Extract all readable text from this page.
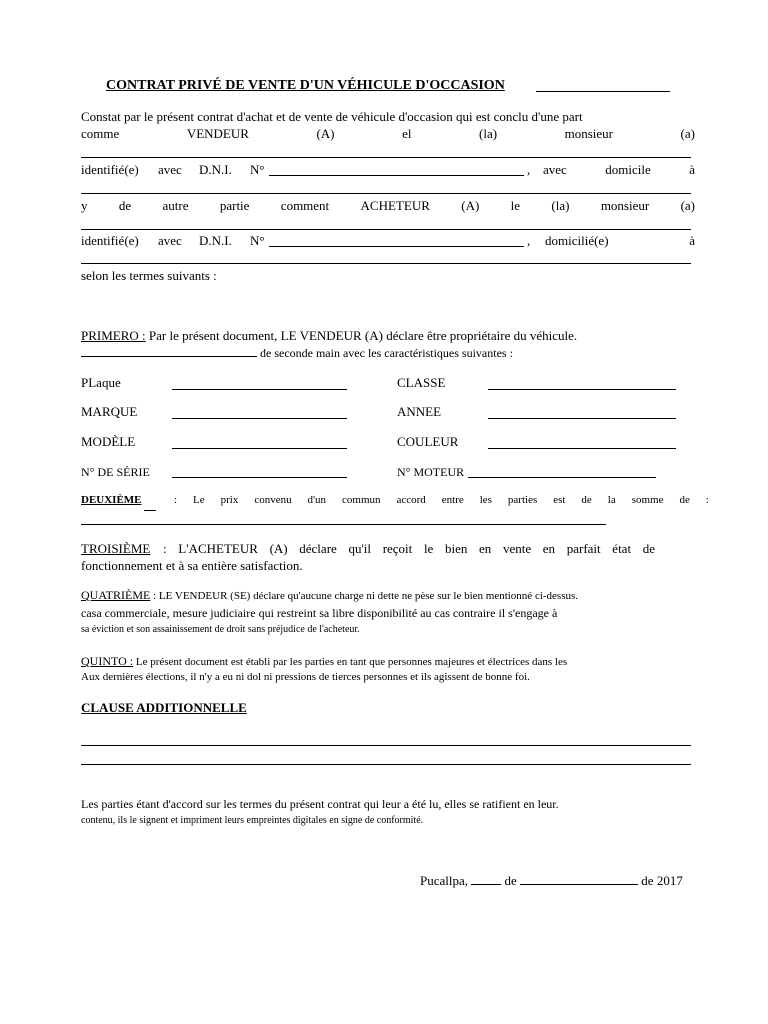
CONTRAT PRIVÉ DE VENTE D'UN VÉHICULE D'OCCASION
Constat par le présent contrat d'achat et de vente de véhicule d'occasion qui est conclu d'une part
comme	VENDEUR	(A)	el	(la)	monsieur	(a)
identifié(e) avec D.N.I. N°	, avec	domicile	à
y de autre partie comment ACHETEUR (A) le (la) monsieur (a)
identifié(e) avec D.N.I. N°	, domicilié(e)	à
selon les termes suivants :
PRIMERO : Par le présent document, LE VENDEUR (A) déclare être propriétaire du véhicule.
de seconde main avec les caractéristiques suivantes :
PLaque	CLASSE
MARQUE	ANNEE
MODÈLE	COULEUR
N° DE SÉRIE	N° MOTEUR
DEUXIÈME	: Le prix convenu d'un commun accord entre les parties est de la somme de :
TROISIÈME : L'ACHETEUR (A) déclare qu'il reçoit le bien en vente en parfait état de
fonctionnement et à sa entière satisfaction.
QUATRIÈME : LE VENDEUR (SE) déclare qu'aucune charge ni dette ne pèse sur le bien mentionné ci-dessus.
casa commerciale, mesure judiciaire qui restreint sa libre disponibilité au cas contraire il s'engage à
sa éviction et son assainissement de droit sans préjudice de l'acheteur.
QUINTO : Le présent document est établi par les parties en tant que personnes majeures et électrices dans les
Aux dernières élections, il n'y a eu ni dol ni pressions de tierces personnes et ils agissent de bonne foi.
CLAUSE ADDITIONNELLE
Les parties étant d'accord sur les termes du présent contrat qui leur a été lu, elles se ratifient en leur.
contenu, ils le signent et impriment leurs empreintes digitales en signe de conformité.
Pucallpa,	de	de 2017
